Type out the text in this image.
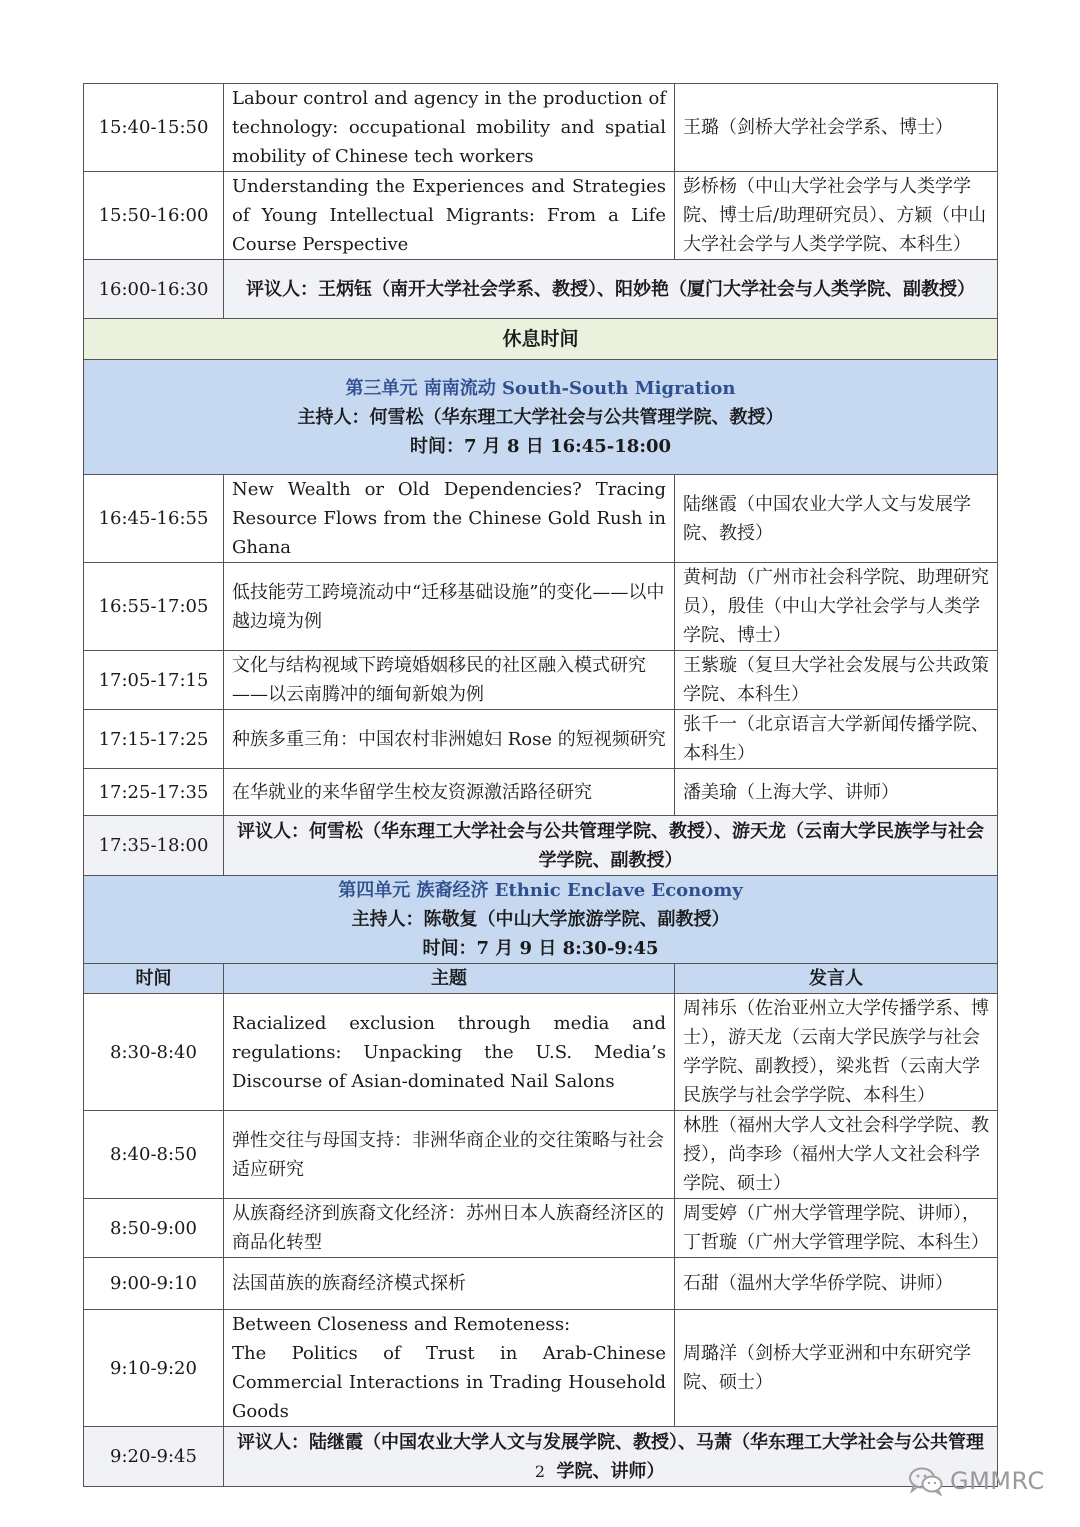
15:40-15:50	Labour control and agency in the production of technology: occupational mobility and spatial mobility of Chinese tech workers	王璐（剑桥大学社会学系、博士）
15:50-16:00	Understanding the Experiences and Strategies of Young Intellectual Migrants: From a Life Course Perspective	彭桥杨（中山大学社会学与人类学学院、博士后/助理研究员）、方颖（中山大学社会学与人类学学院、本科生）
16:00-16:30	评议人：王炳钰（南开大学社会学系、教授）、阳妙艳（厦门大学社会与人类学院、副教授）	
休息时间		

第三单元 南南流动 South-South Migration
主持人：何雪松（华东理工大学社会与公共管理学院、教授）
时间：7 月 8 日 16:45-18:00		

16:45-16:55	New Wealth or Old Dependencies? Tracing Resource Flows from the Chinese Gold Rush in Ghana	陆继霞（中国农业大学人文与发展学院、教授）
16:55-17:05	低技能劳工跨境流动中“迁移基础设施”的变化——以中越边境为例	黄柯劼（广州市社会科学院、助理研究员），殷佳（中山大学社会学与人类学学院、博士）
17:05-17:15	文化与结构视域下跨境婚姻移民的社区融入模式研究——以云南腾冲的缅甸新娘为例	王紫璇（复旦大学社会发展与公共政策学院、本科生）
17:15-17:25	种族多重三角：中国农村非洲媳妇 Rose 的短视频研究	张千一（北京语言大学新闻传播学院、本科生）
17:25-17:35	在华就业的来华留学生校友资源激活路径研究	潘美瑜（上海大学、讲师）
17:35-18:00	评议人：何雪松（华东理工大学社会与公共管理学院、教授）、游天龙（云南大学民族学与社会学学院、副教授）	

第四单元 族裔经济 Ethnic Enclave Economy
主持人：陈敬复（中山大学旅游学院、副教授）
时间：7 月 9 日 8:30-9:45		

时间	主题	发言人
8:30-8:40	Racialized exclusion through media and regulations: Unpacking the U.S. Media’s Discourse of Asian-dominated Nail Salons	周祎乐（佐治亚州立大学传播学系、博士），游天龙（云南大学民族学与社会学学院、副教授），梁兆哲（云南大学民族学与社会学学院、本科生）
8:40-8:50	弹性交往与母国支持：非洲华商企业的交往策略与社会适应研究	林胜（福州大学人文社会科学学院、教授），尚李珍（福州大学人文社会科学学院、硕士）
8:50-9:00	从族裔经济到族裔文化经济：苏州日本人族裔经济区的商品化转型	周雯婷（广州大学管理学院、讲师），丁哲璇（广州大学管理学院、本科生）
9:00-9:10	法国苗族的族裔经济模式探析	石甜（温州大学华侨学院、讲师）
9:10-9:20	Between Closeness and Remoteness:
The Politics of Trust in Arab-Chinese Commercial Interactions in Trading Household Goods	周璐洋（剑桥大学亚洲和中东研究学院、硕士）
9:20-9:45	评议人：陆继霞（中国农业大学人文与发展学院、教授）、马萧（华东理工大学社会与公共管理学院、讲师）	
2	GMMRC
